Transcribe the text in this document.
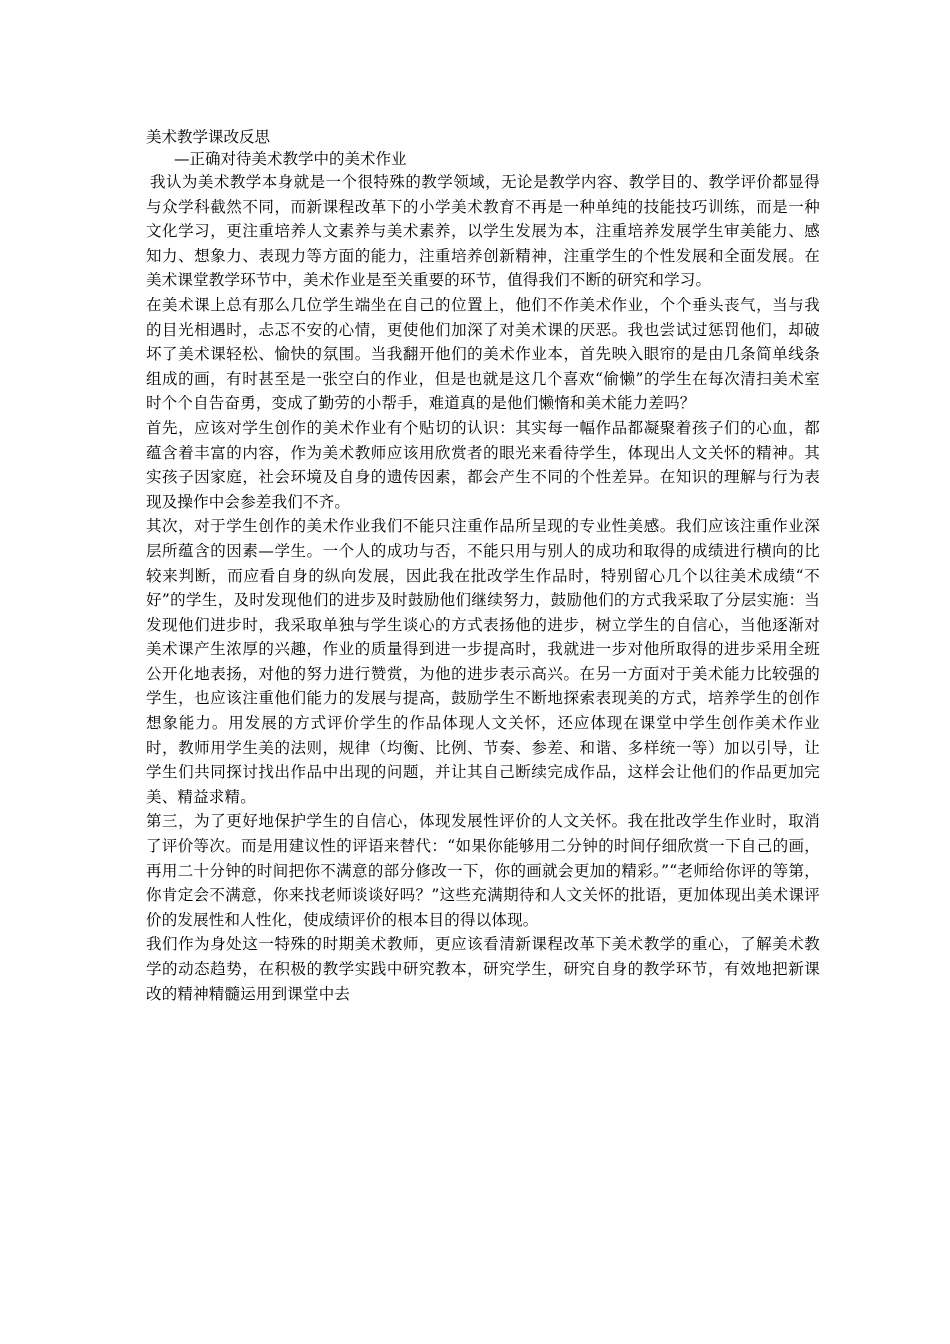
美术教学课改反思
—正确对待美术教学中的美术作业

我认为美术教学本身就是一个很特殊的教学领域，无论是教学内容、教学目的、教学评价都显得与众学科截然不同，而新课程改革下的小学美术教育不再是一种单纯的技能技巧训练，而是一种文化学习，更注重培养人文素养与美术素养，以学生发展为本，注重培养发展学生审美能力、感知力、想象力、表现力等方面的能力，注重培养创新精神，注重学生的个性发展和全面发展。在美术课堂教学环节中，美术作业是至关重要的环节，值得我们不断的研究和学习。

在美术课上总有那么几位学生端坐在自己的位置上，他们不作美术作业，个个垂头丧气，当与我的目光相遇时，忐忑不安的心情，更使他们加深了对美术课的厌恶。我也尝试过惩罚他们，却破坏了美术课轻松、愉快的氛围。当我翻开他们的美术作业本，首先映入眼帘的是由几条简单线条组成的画，有时甚至是一张空白的作业，但是也就是这几个喜欢“偷懒”的学生在每次清扫美术室时个个自告奋勇，变成了勤劳的小帮手，难道真的是他们懒惰和美术能力差吗？

首先，应该对学生创作的美术作业有个贴切的认识：其实每一幅作品都凝聚着孩子们的心血，都蕴含着丰富的内容，作为美术教师应该用欣赏者的眼光来看待学生，体现出人文关怀的精神。其实孩子因家庭，社会环境及自身的遗传因素，都会产生不同的个性差异。在知识的理解与行为表现及操作中会参差我们不齐。

其次，对于学生创作的美术作业我们不能只注重作品所呈现的专业性美感。我们应该注重作业深层所蕴含的因素—学生。一个人的成功与否，不能只用与别人的成功和取得的成绩进行横向的比较来判断，而应看自身的纵向发展，因此我在批改学生作品时，特别留心几个以往美术成绩“不好”的学生，及时发现他们的进步及时鼓励他们继续努力，鼓励他们的方式我采取了分层实施：当发现他们进步时，我采取单独与学生谈心的方式表扬他的进步，树立学生的自信心，当他逐渐对美术课产生浓厚的兴趣，作业的质量得到进一步提高时，我就进一步对他所取得的进步采用全班公开化地表扬，对他的努力进行赞赏，为他的进步表示高兴。在另一方面对于美术能力比较强的学生，也应该注重他们能力的发展与提高，鼓励学生不断地探索表现美的方式，培养学生的创作想象能力。用发展的方式评价学生的作品体现人文关怀，还应体现在课堂中学生创作美术作业时，教师用学生美的法则，规律（均衡、比例、节奏、参差、和谐、多样统一等）加以引导，让学生们共同探讨找出作品中出现的问题，并让其自己断续完成作品，这样会让他们的作品更加完美、精益求精。

第三，为了更好地保护学生的自信心，体现发展性评价的人文关怀。我在批改学生作业时，取消了评价等次。而是用建议性的评语来替代：“如果你能够用二分钟的时间仔细欣赏一下自己的画，再用二十分钟的时间把你不满意的部分修改一下，你的画就会更加的精彩。”“老师给你评的等第，你肯定会不满意，你来找老师谈谈好吗？”这些充满期待和人文关怀的批语，更加体现出美术课评价的发展性和人性化，使成绩评价的根本目的得以体现。

我们作为身处这一特殊的时期美术教师，更应该看清新课程改革下美术教学的重心，了解美术教学的动态趋势，在积极的教学实践中研究教本，研究学生，研究自身的教学环节，有效地把新课改的精神精髓运用到课堂中去
